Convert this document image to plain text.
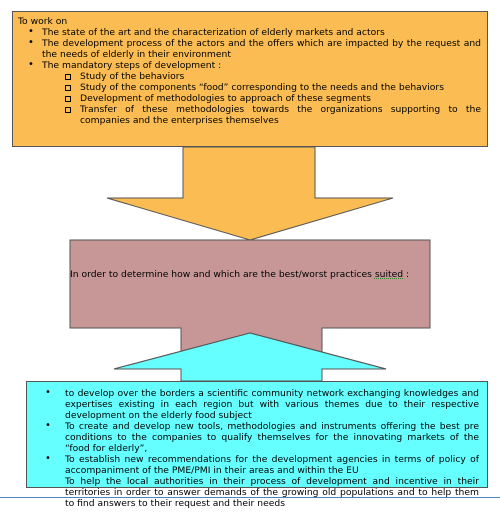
To work on
• The state of the art and the characterization of elderly markets and actors
• The development process of the actors and the offers which are impacted by the request and the needs of elderly in their environment
• The mandatory steps of development :
Study of the behaviors
Study of the components “food” corresponding to the needs and the behaviors
Development of methodologies to approach of these segments
Transfer of these methodologies towards the organizations supporting to the companies and the enterprises themselves
In order to determine how and which are the best/worst practices suited :
• to develop over the borders a scientific community network exchanging knowledges and expertises existing in each region but with various themes due to their respective development on the elderly food subject
• To create and develop new tools, methodologies and instruments offering the best pre conditions to the companies to qualify themselves for the innovating markets of the “food for elderly”,
• To establish new recommendations for the development agencies in terms of policy of accompaniment of the PME/PMI in their areas and within the EU
To help the local authorities in their process of development and incentive in their territories in order to answer demands of the growing old populations and to help them to find answers to their request and their needs
